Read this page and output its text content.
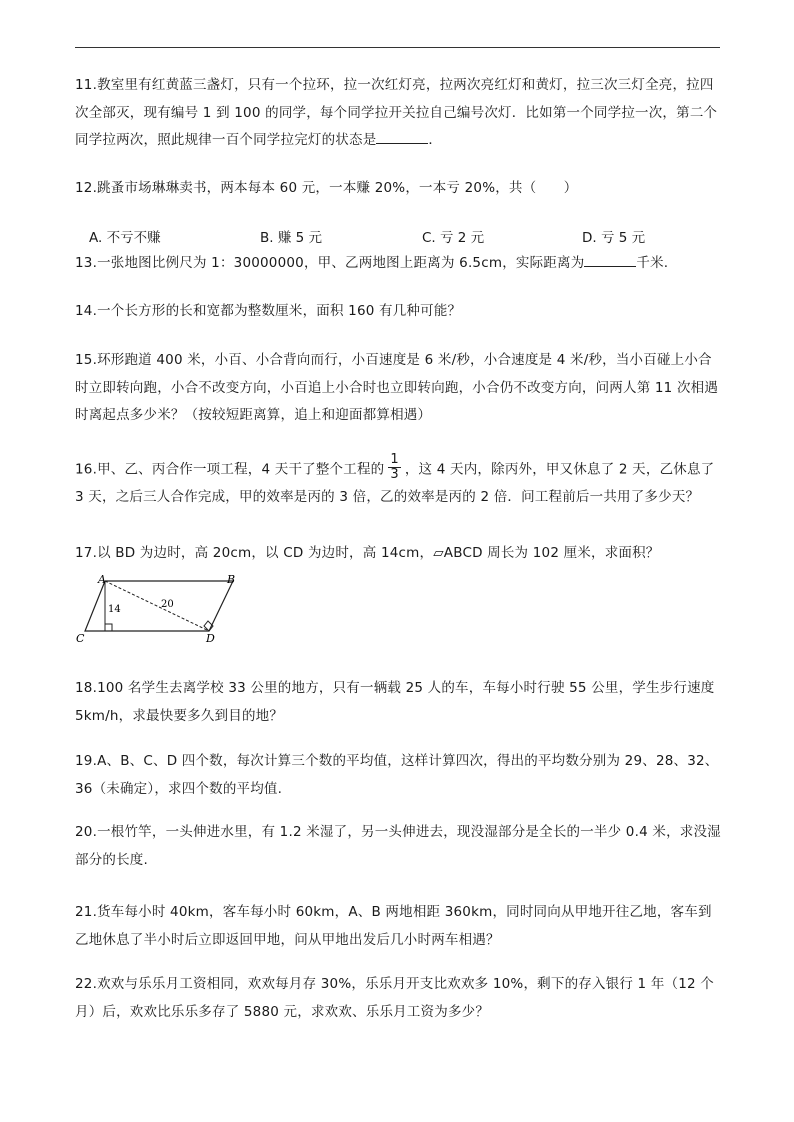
11.教室里有红黄蓝三盏灯，只有一个拉环，拉一次红灯亮，拉两次亮红灯和黄灯，拉三次三灯全亮，拉四次全部灭，现有编号 1 到 100 的同学，每个同学拉开关拉自己编号次灯．比如第一个同学拉一次，第二个同学拉两次，照此规律一百个同学拉完灯的状态是	．

12.跳蚤市场琳琳卖书，两本每本 60 元，一本赚 20%，一本亏 20%，共（　　）

A. 不亏不赚	B. 赚 5 元	C. 亏 2 元	D. 亏 5 元

13.一张地图比例尺为 1：30000000，甲、乙两地图上距离为 6.5cm，实际距离为	千米.

14.一个长方形的长和宽都为整数厘米，面积 160 有几种可能？

15.环形跑道 400 米，小百、小合背向而行，小百速度是 6 米/秒，小合速度是 4 米/秒，当小百碰上小合时立即转向跑，小合不改变方向，小百追上小合时也立即转向跑，小合仍不改变方向，问两人第 11 次相遇时离起点多少米？（按较短距离算，追上和迎面都算相遇）

16.甲、乙、丙合作一项工程，4 天干了整个工程的 $\frac{1}{3}$ ，这 4 天内，除丙外，甲又休息了 2 天，乙休息了 3 天，之后三人合作完成，甲的效率是丙的 3 倍，乙的效率是丙的 2 倍．问工程前后一共用了多少天？

17.以 BD 为边时，高 20cm，以 CD 为边时，高 14cm，▱ABCD 周长为 102 厘米，求面积？

A	B
C	D
14	20

18.100 名学生去离学校 33 公里的地方，只有一辆载 25 人的车，车每小时行驶 55 公里，学生步行速度 5km/h，求最快要多久到目的地？

19.A、B、C、D 四个数，每次计算三个数的平均值，这样计算四次，得出的平均数分别为 29、28、32、36（未确定），求四个数的平均值.

20.一根竹竿，一头伸进水里，有 1.2 米湿了，另一头伸进去，现没湿部分是全长的一半少 0.4 米，求没湿部分的长度.

21.货车每小时 40km，客车每小时 60km，A、B 两地相距 360km，同时同向从甲地开往乙地，客车到乙地休息了半小时后立即返回甲地，问从甲地出发后几小时两车相遇？

22.欢欢与乐乐月工资相同，欢欢每月存 30%，乐乐月开支比欢欢多 10%，剩下的存入银行 1 年（12 个月）后，欢欢比乐乐多存了 5880 元，求欢欢、乐乐月工资为多少？
